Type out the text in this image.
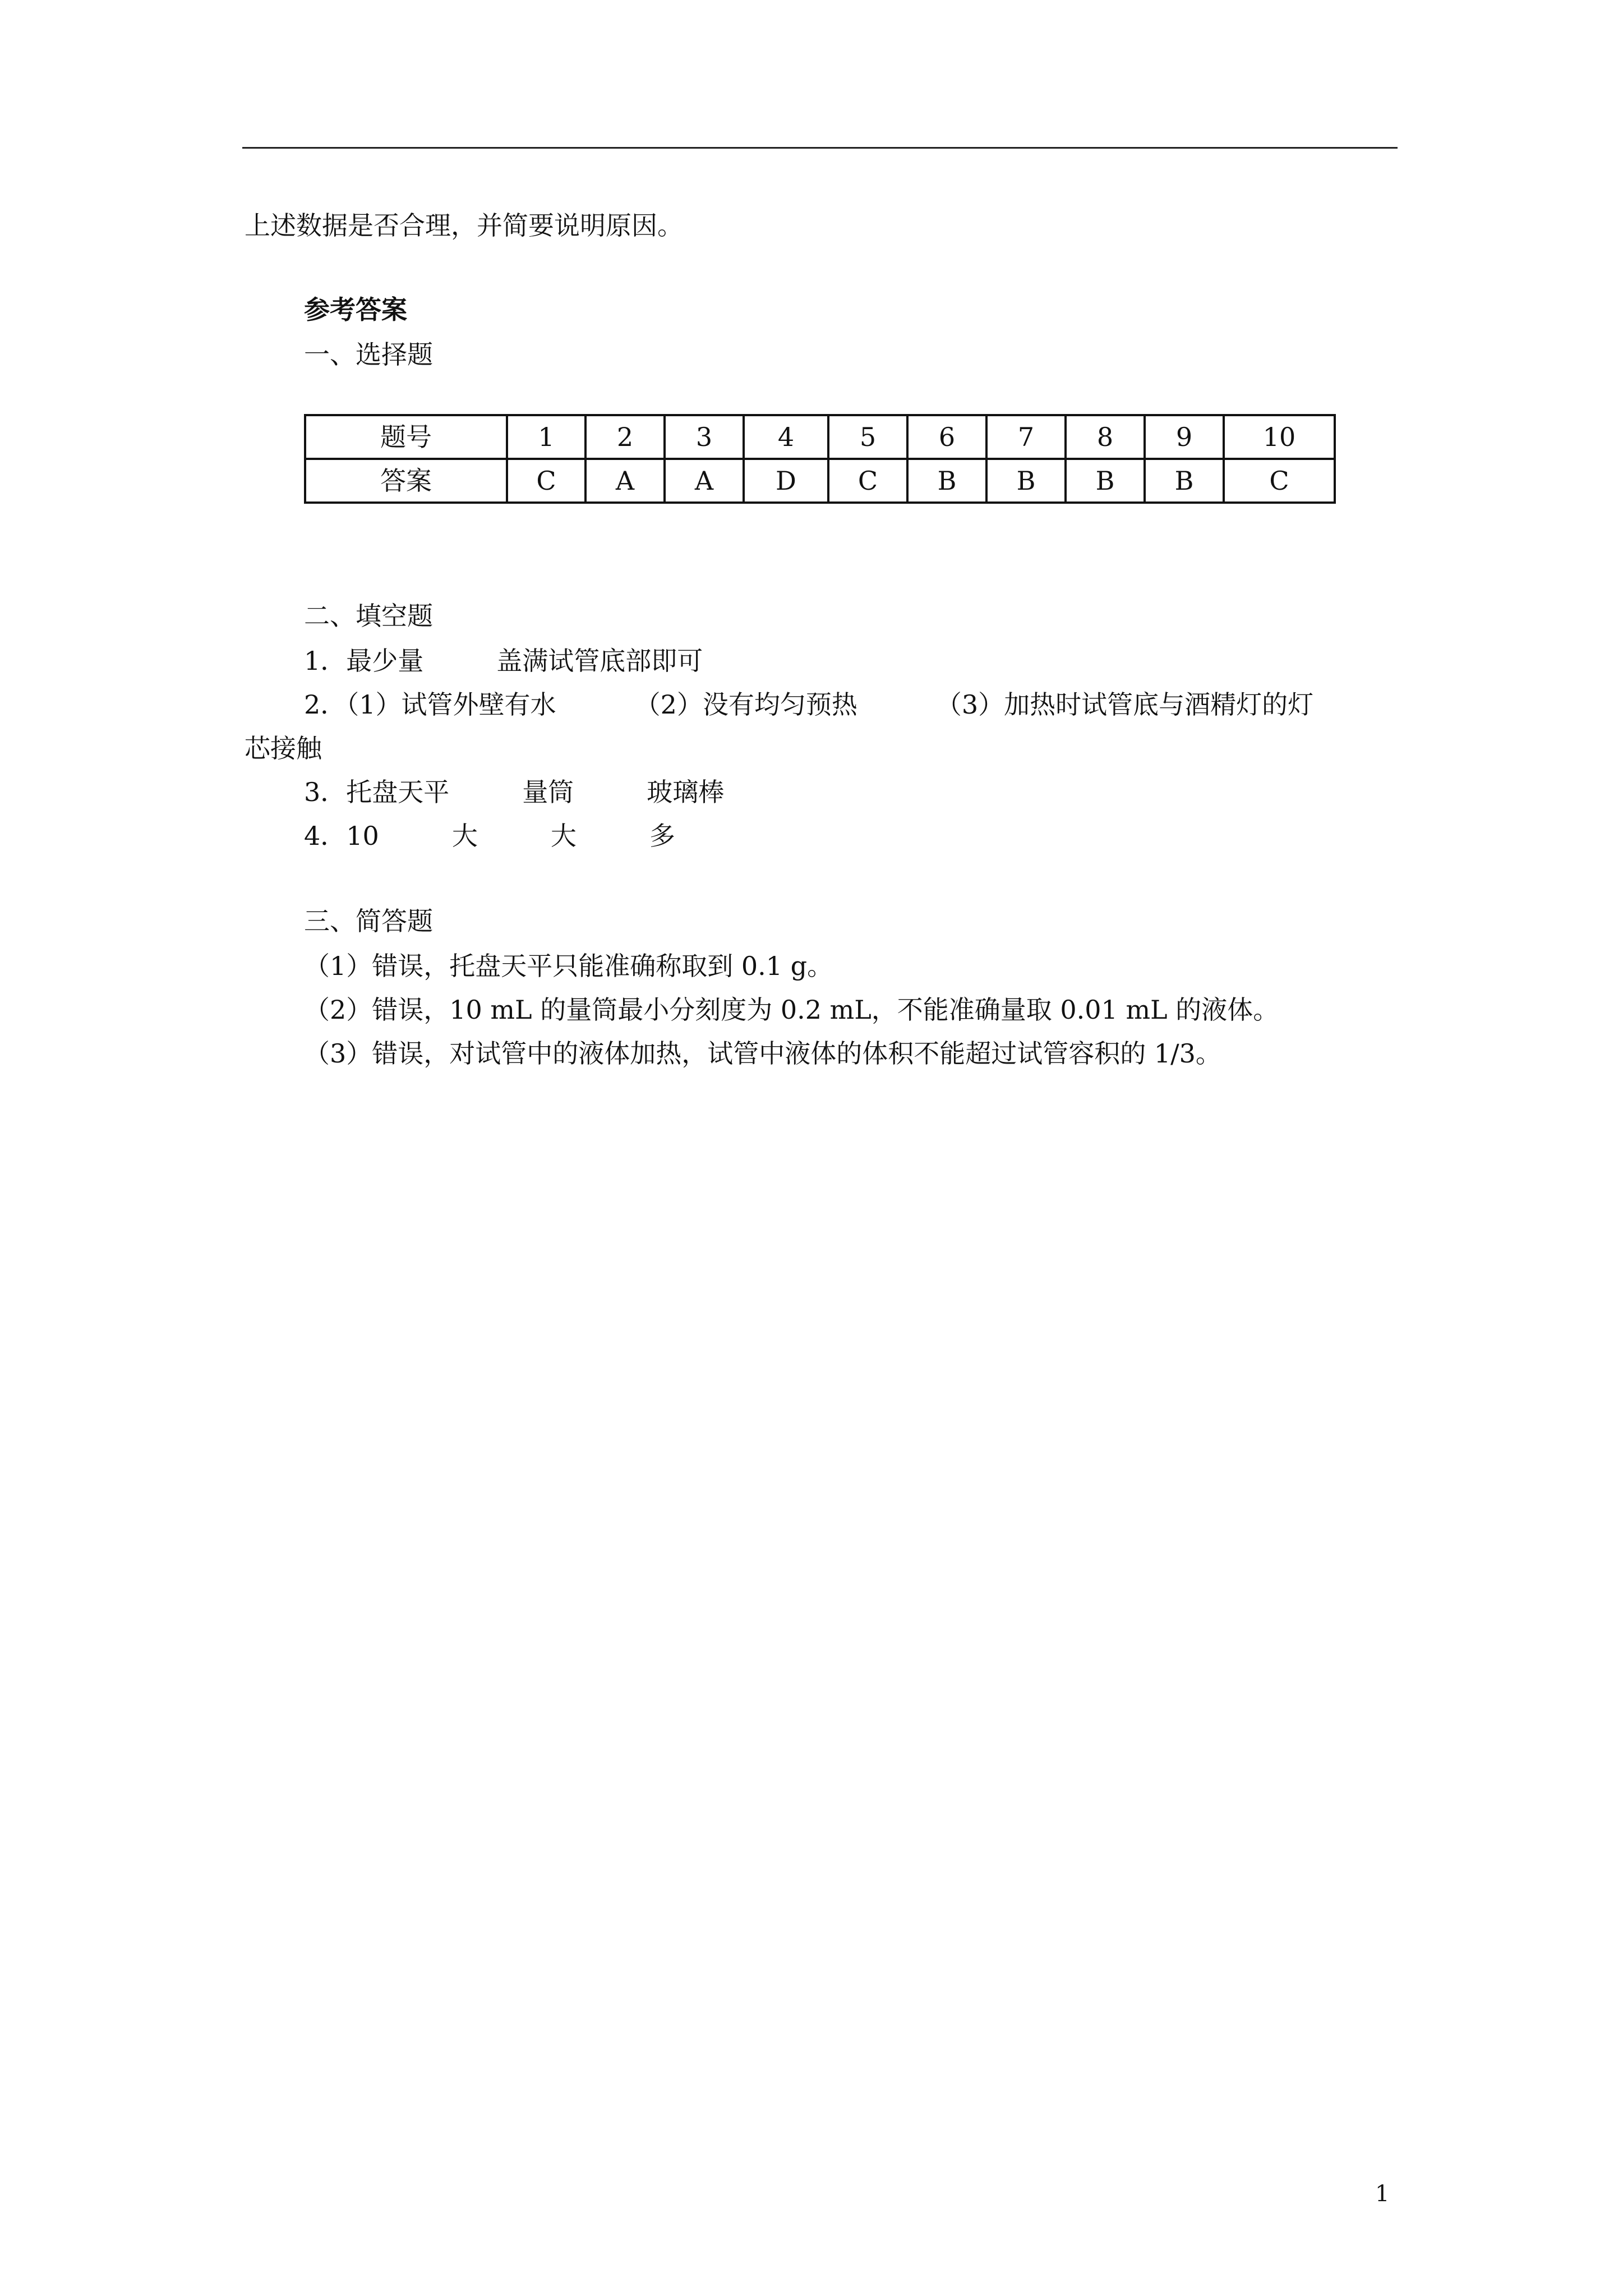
上述数据是否合理，并简要说明原因。
参考答案
一、选择题
题号	1	2	3	4	5	6	7	8	9	10
答案	C	A	A	D	C	B	B	B	B	C
二、填空题
1．最少量	盖满试管底部即可
2．（1）试管外壁有水	（2）没有均匀预热	（3）加热时试管底与酒精灯的灯
芯接触
3．托盘天平	量筒	玻璃棒
4．10	大	大	多
三、简答题
（1）错误，托盘天平只能准确称取到 0.1 g。
（2）错误，10 mL 的量筒最小分刻度为 0.2 mL，不能准确量取 0.01 mL 的液体。
（3）错误，对试管中的液体加热，试管中液体的体积不能超过试管容积的 1/3。
1
